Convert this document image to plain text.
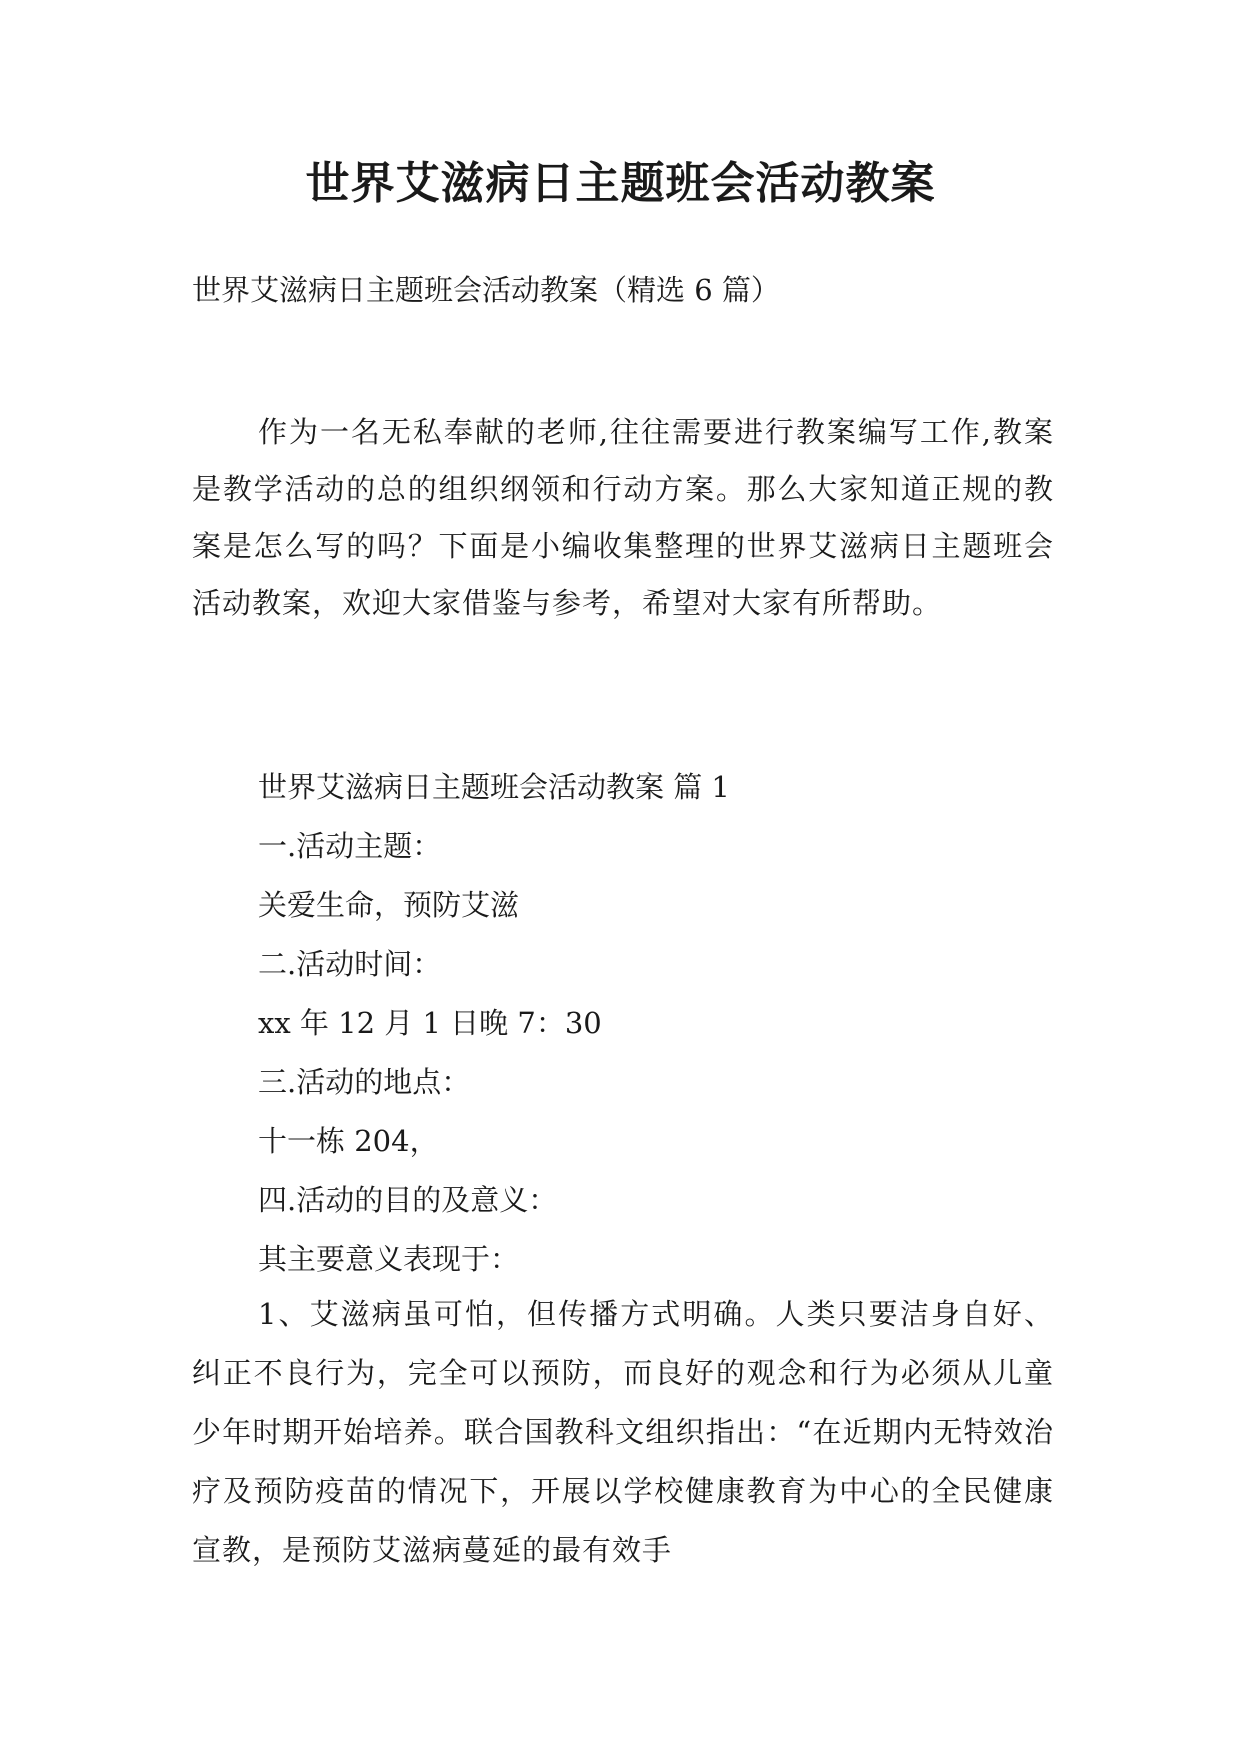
世界艾滋病日主题班会活动教案

世界艾滋病日主题班会活动教案（精选 6 篇）

作为一名无私奉献的老师,往往需要进行教案编写工作,教案是教学活动的总的组织纲领和行动方案。那么大家知道正规的教案是怎么写的吗？下面是小编收集整理的世界艾滋病日主题班会活动教案，欢迎大家借鉴与参考，希望对大家有所帮助。

世界艾滋病日主题班会活动教案 篇 1
一.活动主题：
关爱生命，预防艾滋
二.活动时间：
xx 年 12 月 1 日晚 7：30
三.活动的地点：
十一栋 204，
四.活动的目的及意义：
其主要意义表现于：

1、艾滋病虽可怕，但传播方式明确。人类只要洁身自好、纠正不良行为，完全可以预防，而良好的观念和行为必须从儿童少年时期开始培养。联合国教科文组织指出：“在近期内无特效治疗及预防疫苗的情况下，开展以学校健康教育为中心的全民健康宣教，是预防艾滋病蔓延的最有效手
